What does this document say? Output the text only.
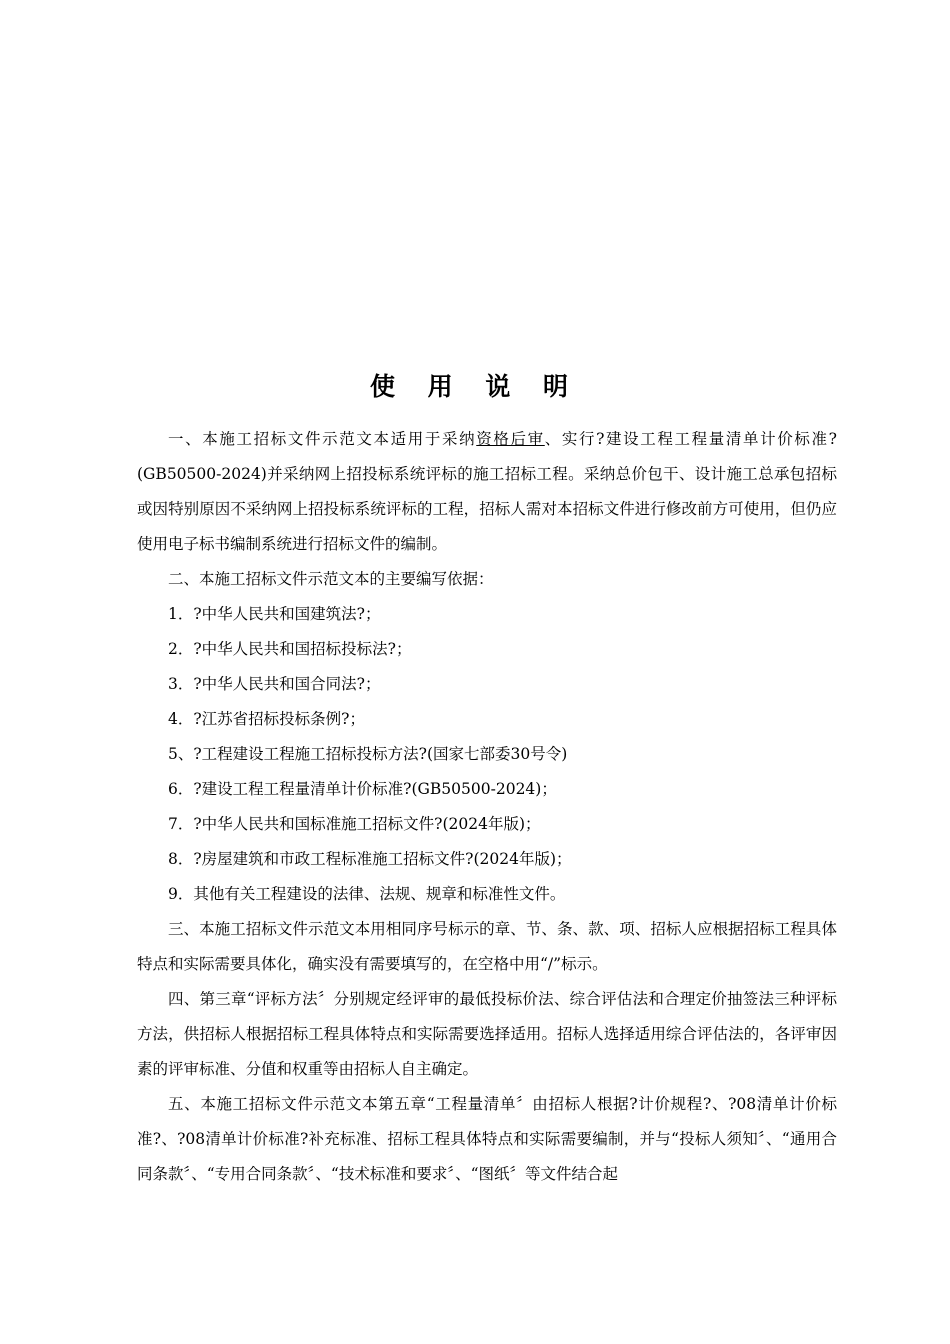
使 用 说 明

一、本施工招标文件示范文本适用于采纳资格后审、实行?建设工程工程量清单计价标准?(GB50500-2024)并采纳网上招投标系统评标的施工招标工程。采纳总价包干、设计施工总承包招标或因特别原因不采纳网上招投标系统评标的工程，招标人需对本招标文件进行修改前方可使用，但仍应使用电子标书编制系统进行招标文件的编制。

二、本施工招标文件示范文本的主要编写依据：

1．?中华人民共和国建筑法?；

2．?中华人民共和国招标投标法?；

3．?中华人民共和国合同法?；

4．?江苏省招标投标条例?；

5、?工程建设工程施工招标投标方法?(国家七部委30号令)

6．?建设工程工程量清单计价标准?(GB50500-2024)；

7．?中华人民共和国标准施工招标文件?(2024年版)；

8．?房屋建筑和市政工程标准施工招标文件?(2024年版)；

9．其他有关工程建设的法律、法规、规章和标准性文件。

三、本施工招标文件示范文本用相同序号标示的章、节、条、款、项、招标人应根据招标工程具体特点和实际需要具体化，确实没有需要填写的，在空格中用“/”标示。

四、第三章“评标方法〞分别规定经评审的最低投标价法、综合评估法和合理定价抽签法三种评标方法，供招标人根据招标工程具体特点和实际需要选择适用。招标人选择适用综合评估法的，各评审因素的评审标准、分值和权重等由招标人自主确定。

五、本施工招标文件示范文本第五章“工程量清单〞由招标人根据?计价规程?、?08清单计价标准?、?08清单计价标准?补充标准、招标工程具体特点和实际需要编制，并与“投标人须知〞、“通用合同条款〞、“专用合同条款〞、“技术标准和要求〞、“图纸〞等文件结合起
